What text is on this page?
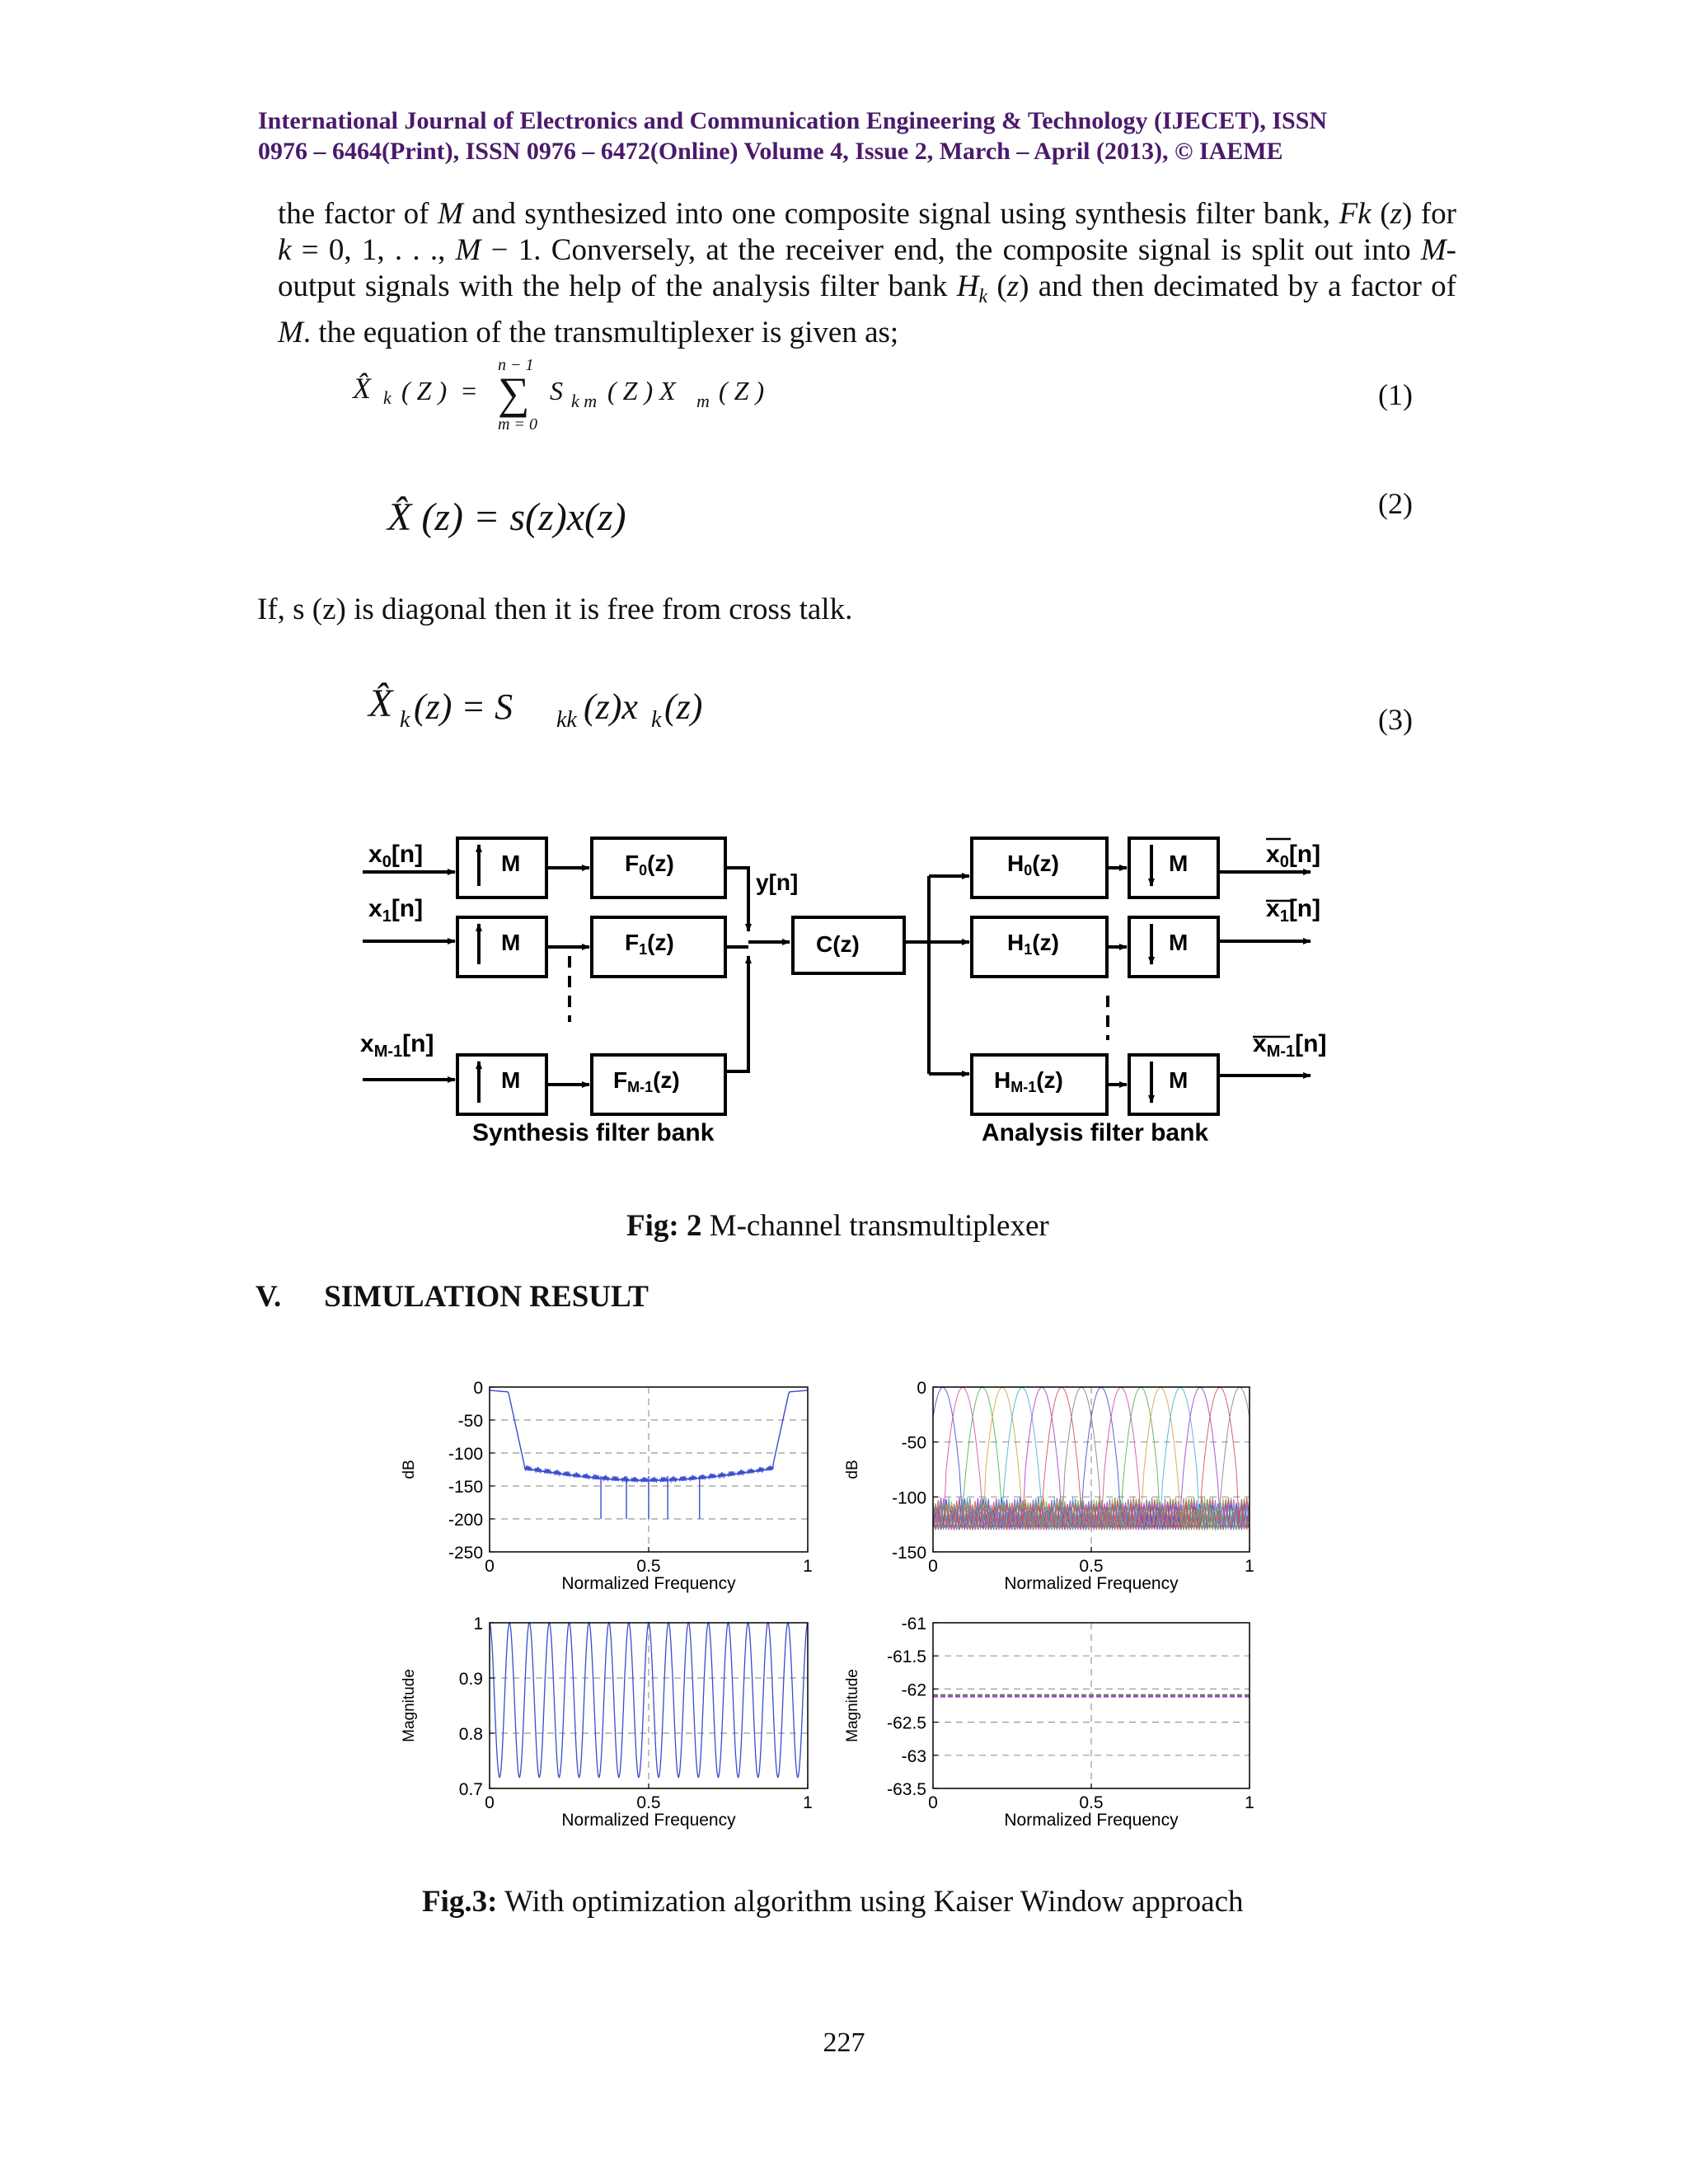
International Journal of Electronics and Communication Engineering & Technology (IJECET), ISSN
0976 – 6464(Print), ISSN 0976 – 6472(Online) Volume 4, Issue 2, March – April (2013), © IAEME
the factor of M and synthesized into one composite signal using synthesis filter bank, Fk (z) for k = 0, 1, . . ., M − 1. Conversely, at the receiver end, the composite signal is split out into M-output signals with the help of the analysis filter bank $H_k$ (z) and then decimated by a factor of M. the equation of the transmultiplexer is given as;
X̂ k ( Z )  =
n − 1
∑
m = 0
S k m ( Z ) X m ( Z )	(1)
X̂ (z) = s(z)x(z)	(2)
If, s (z) is diagonal then it is free from cross talk.
X̂ k (z) = S kk (z)x k (z)	(3)
$x_0[n]$
$x_1[n]$
$x_{M-1}[n]$
M
M
M
F0(z)
F1(z)
FM-1(z)
y[n]
C(z)
H0(z)
H1(z)
HM-1(z)
M
M
M
$x_0[n]$
$x_1[n]$
$x_{M-1}[n]$
Synthesis filter bank	Analysis filter bank
Fig: 2 M-channel transmultiplexer
V. SIMULATION RESULT
0
-50
-100
-150
-200
-250
0	0.5	1
Normalized Frequency
dB
0
-50
-100
-150
0	0.5	1
Normalized Frequency
dB
1
0.9
0.8
0.7
0	0.5	1
Normalized Frequency
Magnitude
-61
-61.5
-62
-62.5
-63
-63.5
0	0.5	1
Normalized Frequency
Magnitude
Fig.3: With optimization algorithm using Kaiser Window approach
227
